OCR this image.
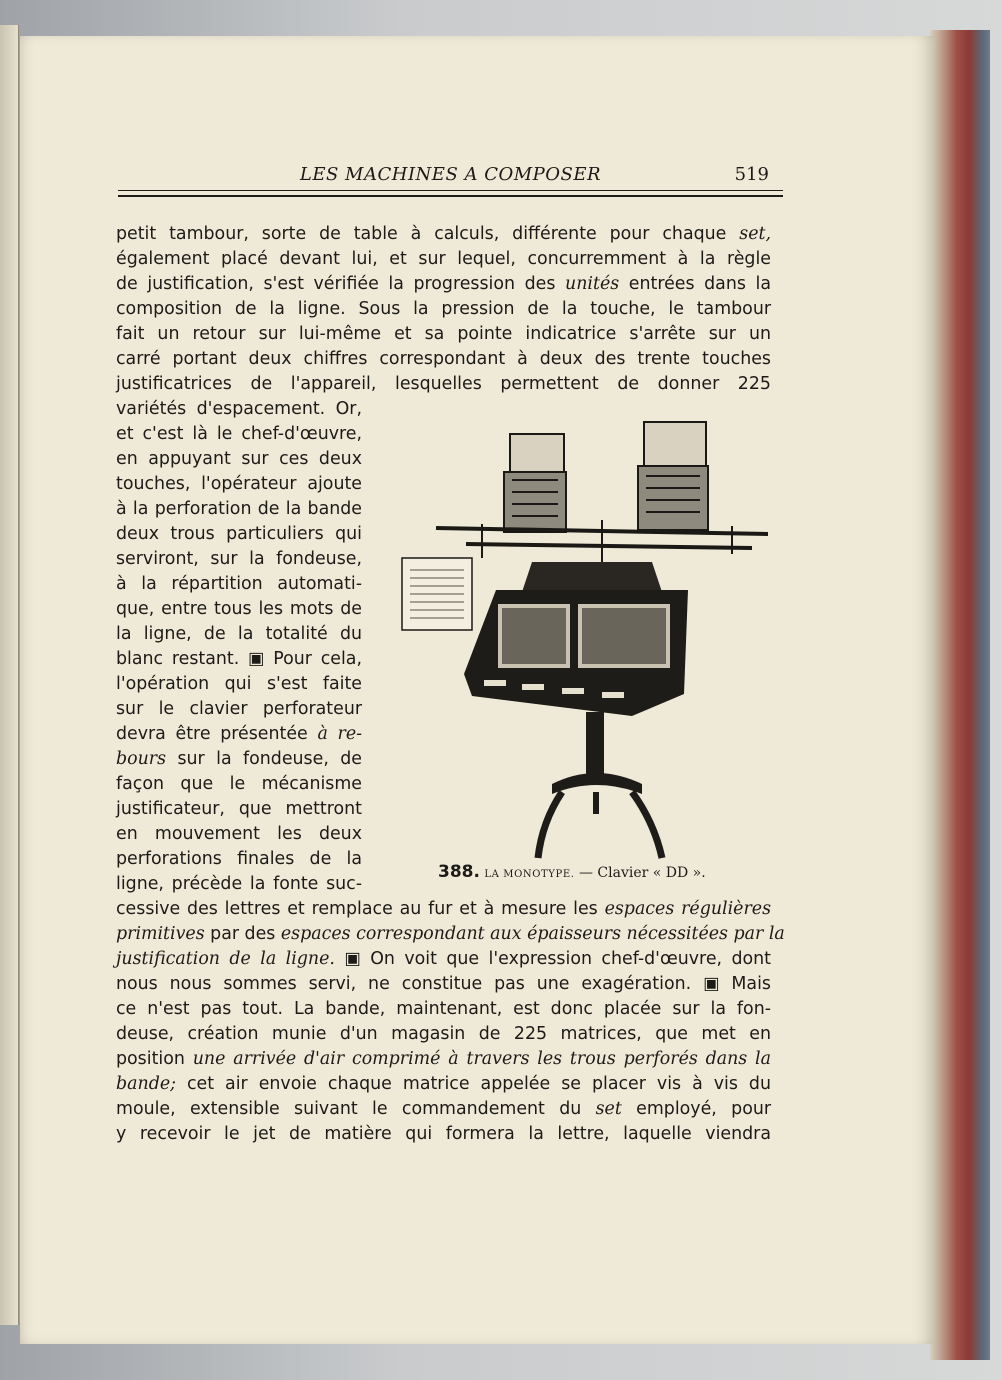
LES MACHINES A COMPOSER	519
petit tambour, sorte de table à calculs, différente pour chaque set,
également placé devant lui, et sur lequel, concurremment à la règle
de justification, s'est vérifiée la progression des unités entrées dans la
composition de la ligne. Sous la pression de la touche, le tambour
fait un retour sur lui-même et sa pointe indicatrice s'arrête sur un
carré portant deux chiffres correspondant à deux des trente touches
justificatrices de l'appareil, lesquelles permettent de donner 225
variétés d'espacement. Or,
et c'est là le chef-d'œuvre,
en appuyant sur ces deux
touches, l'opérateur ajoute
à la perforation de la bande
deux trous particuliers qui
serviront, sur la fondeuse,
à la répartition automati-
que, entre tous les mots de
la ligne, de la totalité du
blanc restant. ▣ Pour cela,
l'opération qui s'est faite
sur le clavier perforateur
devra être présentée à re-
bours sur la fondeuse, de
façon que le mécanisme
justificateur, que mettront
en mouvement les deux
perforations finales de la
ligne, précède la fonte suc-
cessive des lettres et remplace au fur et à mesure les espaces régulières
primitives par des espaces correspondant aux épaisseurs nécessitées par la
justification de la ligne. ▣ On voit que l'expression chef-d'œuvre, dont
nous nous sommes servi, ne constitue pas une exagération. ▣ Mais
ce n'est pas tout. La bande, maintenant, est donc placée sur la fon-
deuse, création munie d'un magasin de 225 matrices, que met en
position une arrivée d'air comprimé à travers les trous perforés dans la
bande; cet air envoie chaque matrice appelée se placer vis à vis du
moule, extensible suivant le commandement du set employé, pour
y recevoir le jet de matière qui formera la lettre, laquelle viendra
388. LA MONOTYPE. — Clavier « DD ».
